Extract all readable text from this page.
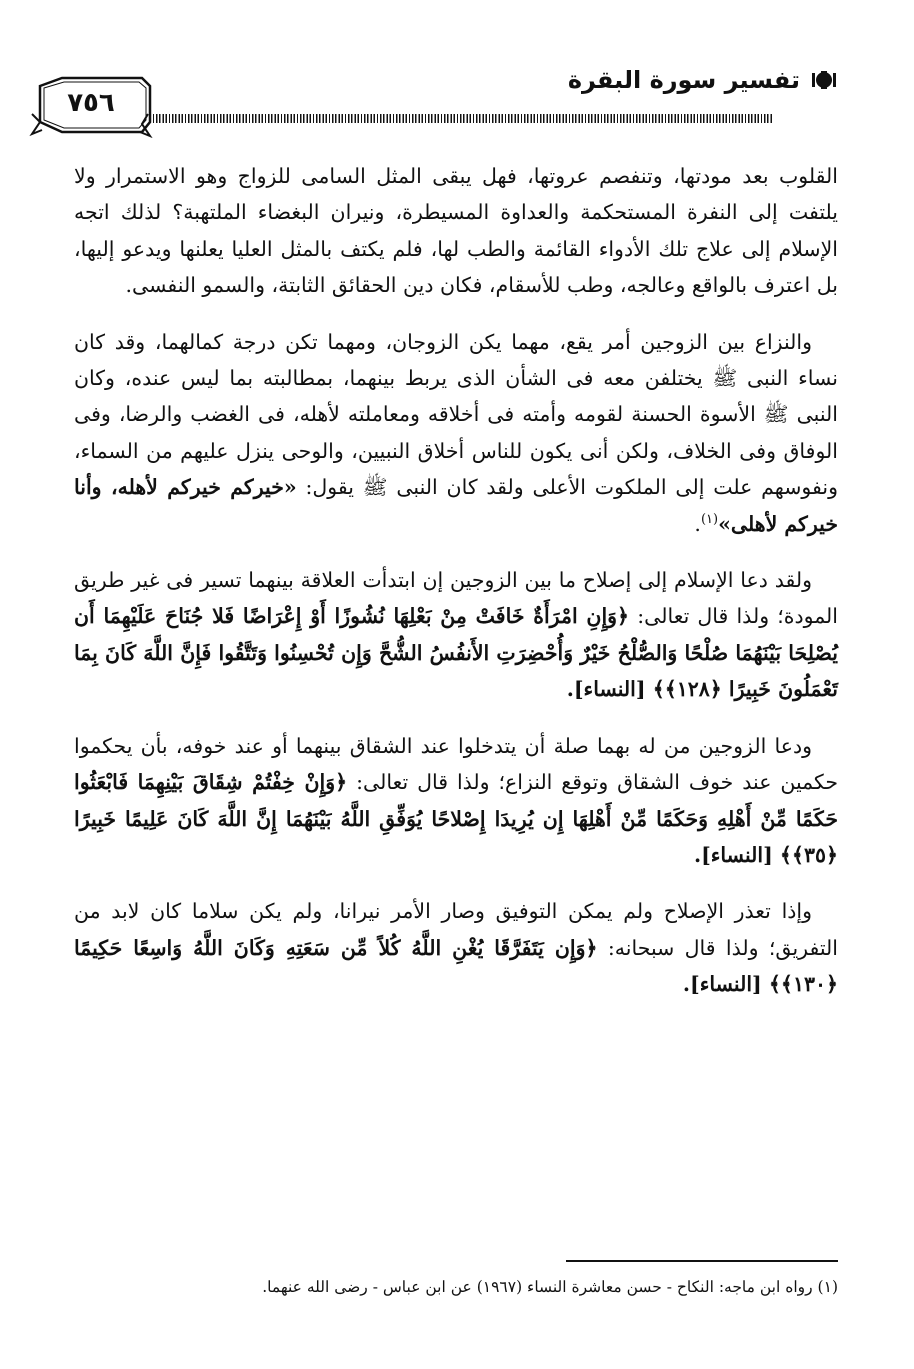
تفسير سورة البقرة
٧٥٦

القلوب بعد مودتها، وتنفصم عروتها، فهل يبقى المثل السامى للزواج وهو الاستمرار ولا يلتفت إلى النفرة المستحكمة والعداوة المسيطرة، ونيران البغضاء الملتهبة؟ لذلك اتجه الإسلام إلى علاج تلك الأدواء القائمة والطب لها، فلم يكتف بالمثل العليا يعلنها ويدعو إليها، بل اعترف بالواقع وعالجه، وطب للأسقام، فكان دين الحقائق الثابتة، والسمو النفسى.

والنزاع بين الزوجين أمر يقع، مهما يكن الزوجان، ومهما تكن درجة كمالهما، وقد كان نساء النبى ﷺ يختلفن معه فى الشأن الذى يربط بينهما، بمطالبته بما ليس عنده، وكان النبى ﷺ الأسوة الحسنة لقومه وأمته فى أخلاقه ومعاملته لأهله، فى الغضب والرضا، وفى الوفاق وفى الخلاف، ولكن أنى يكون للناس أخلاق النبيين، والوحى ينزل عليهم من السماء، ونفوسهم علت إلى الملكوت الأعلى ولقد كان النبى ﷺ يقول: «خيركم خيركم لأهله، وأنا خيركم لأهلى»$^{(١)}$.

ولقد دعا الإسلام إلى إصلاح ما بين الزوجين إن ابتدأت العلاقة بينهما تسير فى غير طريق المودة؛ ولذا قال تعالى: ﴿وَإِنِ امْرَأَةٌ خَافَتْ مِنْ بَعْلِهَا نُشُوزًا أَوْ إِعْرَاضًا فَلا جُنَاحَ عَلَيْهِمَا أَن يُصْلِحَا بَيْنَهُمَا صُلْحًا وَالصُّلْحُ خَيْرٌ وَأُحْضِرَتِ الأَنفُسُ الشُّحَّ وَإِن تُحْسِنُوا وَتَتَّقُوا فَإِنَّ اللَّهَ كَانَ بِمَا تَعْمَلُونَ خَبِيرًا ﴿١٢٨﴾﴾ [النساء].

ودعا الزوجين من له بهما صلة أن يتدخلوا عند الشقاق بينهما أو عند خوفه، بأن يحكموا حكمين عند خوف الشقاق وتوقع النزاع؛ ولذا قال تعالى: ﴿وَإِنْ خِفْتُمْ شِقَاقَ بَيْنِهِمَا فَابْعَثُوا حَكَمًا مِّنْ أَهْلِهِ وَحَكَمًا مِّنْ أَهْلِهَا إِن يُرِيدَا إِصْلاحًا يُوَفِّقِ اللَّهُ بَيْنَهُمَا إِنَّ اللَّهَ كَانَ عَلِيمًا خَبِيرًا ﴿٣٥﴾﴾ [النساء].

وإذا تعذر الإصلاح ولم يمكن التوفيق وصار الأمر نيرانا، ولم يكن سلاما كان لابد من التفريق؛ ولذا قال سبحانه: ﴿وَإِن يَتَفَرَّقَا يُغْنِ اللَّهُ كُلاً مِّن سَعَتِهِ وَكَانَ اللَّهُ وَاسِعًا حَكِيمًا ﴿١٣٠﴾﴾ [النساء].

(١) رواه ابن ماجه: النكاح - حسن معاشرة النساء (١٩٦٧) عن ابن عباس - رضى الله عنهما.
